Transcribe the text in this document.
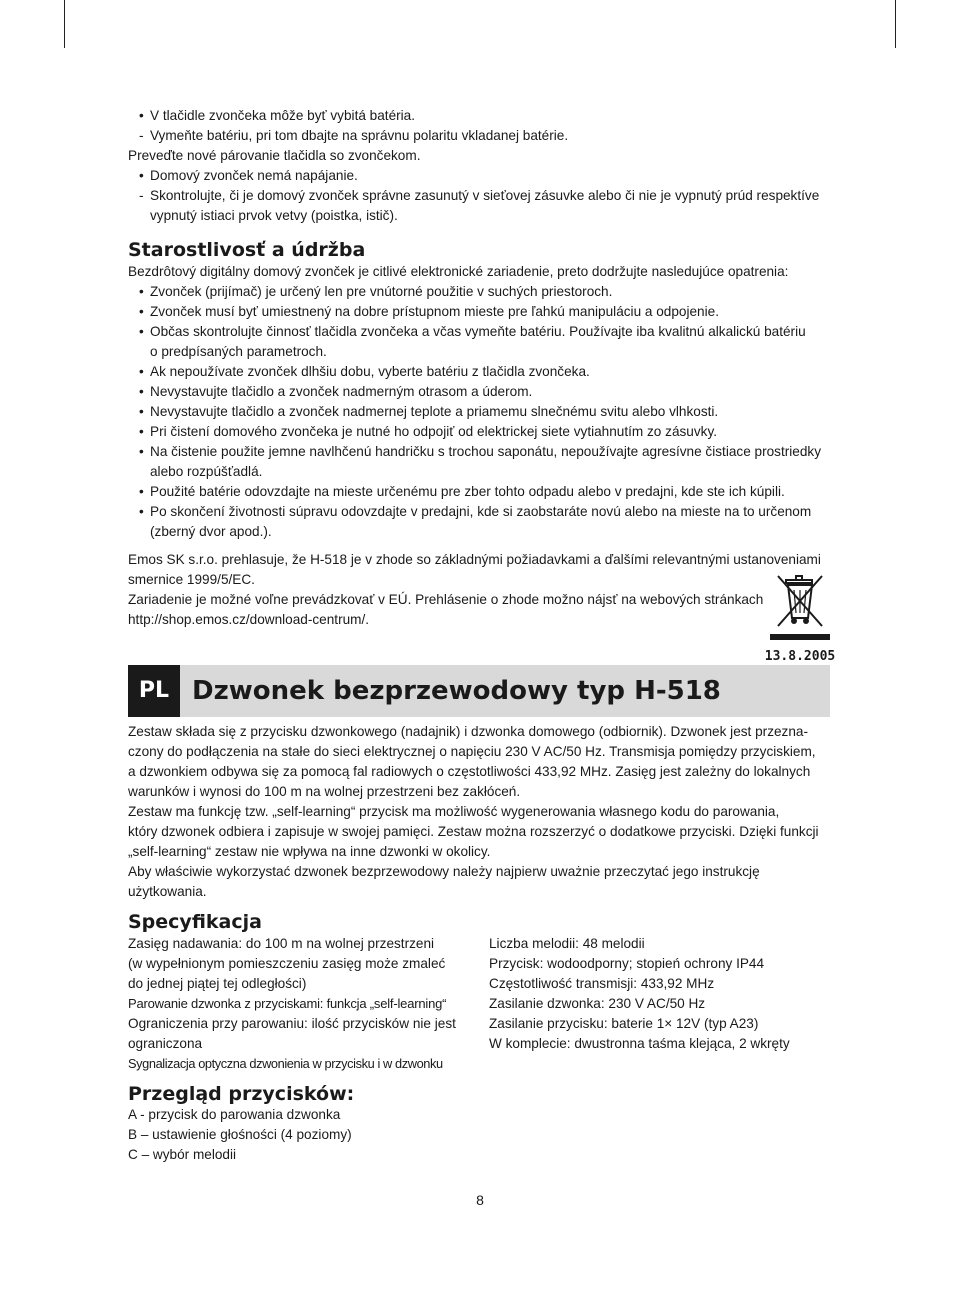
• V tlačidle zvončeka môže byť vybitá batéria.
- Vymeňte batériu, pri tom dbajte na správnu polaritu vkladanej batérie.
Preveďte nové párovanie tlačidla so zvončekom.
• Domový zvonček nemá napájanie.
- Skontrolujte, či je domový zvonček správne zasunutý v sieťovej zásuvke alebo či nie je vypnutý prúd respektíve
vypnutý istiaci prvok vetvy (poistka, istič).
Starostlivosť a údržba
Bezdrôtový digitálny domový zvonček je citlivé elektronické zariadenie, preto dodržujte nasledujúce opatrenia:
• Zvonček (prijímač) je určený len pre vnútorné použitie v suchých priestoroch.
• Zvonček musí byť umiestnený na dobre prístupnom mieste pre ľahkú manipuláciu a odpojenie.
• Občas skontrolujte činnosť tlačidla zvončeka a včas vymeňte batériu. Používajte iba kvalitnú alkalickú batériu
o predpísaných parametroch.
• Ak nepoužívate zvonček dlhšiu dobu, vyberte batériu z tlačidla zvončeka.
• Nevystavujte tlačidlo a zvonček nadmerným otrasom a úderom.
• Nevystavujte tlačidlo a zvonček nadmernej teplote a priamemu slnečnému svitu alebo vlhkosti.
• Pri čistení domového zvončeka je nutné ho odpojiť od elektrickej siete vytiahnutím zo zásuvky.
• Na čistenie použite jemne navlhčenú handričku s trochou saponátu, nepoužívajte agresívne čistiace prostriedky
alebo rozpúšťadlá.
• Použité batérie odovzdajte na mieste určenému pre zber tohto odpadu alebo v predajni, kde ste ich kúpili.
• Po skončení životnosti súpravu odovzdajte v predajni, kde si zaobstaráte novú alebo na mieste na to určenom
(zberný dvor apod.).
Emos SK s.r.o. prehlasuje, že H-518 je v zhode so základnými požiadavkami a ďalšími relevantnými ustanoveniami
smernice 1999/5/EC.
Zariadenie je možné voľne prevádzkovať v EÚ. Prehlásenie o zhode možno nájsť na webových stránkach
http://shop.emos.cz/download-centrum/.
13.8.2005
PL Dzwonek bezprzewodowy typ H-518
Zestaw składa się z przycisku dzwonkowego (nadajnik) i dzwonka domowego (odbiornik). Dzwonek jest przezna-
czony do podłączenia na stałe do sieci elektrycznej o napięciu 230 V AC/50 Hz. Transmisja pomiędzy przyciskiem,
a dzwonkiem odbywa się za pomocą fal radiowych o częstotliwości 433,92 MHz. Zasięg jest zależny do lokalnych
warunków i wynosi do 100 m na wolnej przestrzeni bez zakłóceń.
Zestaw ma funkcję tzw. „self-learning“ przycisk ma możliwość wygenerowania własnego kodu do parowania,
który dzwonek odbiera i zapisuje w swojej pamięci. Zestaw można rozszerzyć o dodatkowe przyciski. Dzięki funkcji
„self-learning“ zestaw nie wpływa na inne dzwonki w okolicy.
Aby właściwie wykorzystać dzwonek bezprzewodowy należy najpierw uważnie przeczytać jego instrukcję
użytkowania.
Specyfikacja
Zasięg nadawania: do 100 m na wolnej przestrzeni
(w wypełnionym pomieszczeniu zasięg może zmaleć
do jednej piątej tej odległości)
Parowanie dzwonka z przyciskami: funkcja „self-learning“
Ograniczenia przy parowaniu: ilość przycisków nie jest
ograniczona
Sygnalizacja optyczna dzwonienia w przycisku i w dzwonku
Liczba melodii: 48 melodii
Przycisk: wodoodporny; stopień ochrony IP44
Częstotliwość transmisji: 433,92 MHz
Zasilanie dzwonka: 230 V AC/50 Hz
Zasilanie przycisku: baterie 1× 12V (typ A23)
W komplecie: dwustronna taśma klejąca, 2 wkręty
Przegląd przycisków:
A - przycisk do parowania dzwonka
B – ustawienie głośności (4 poziomy)
C – wybór melodii
8
